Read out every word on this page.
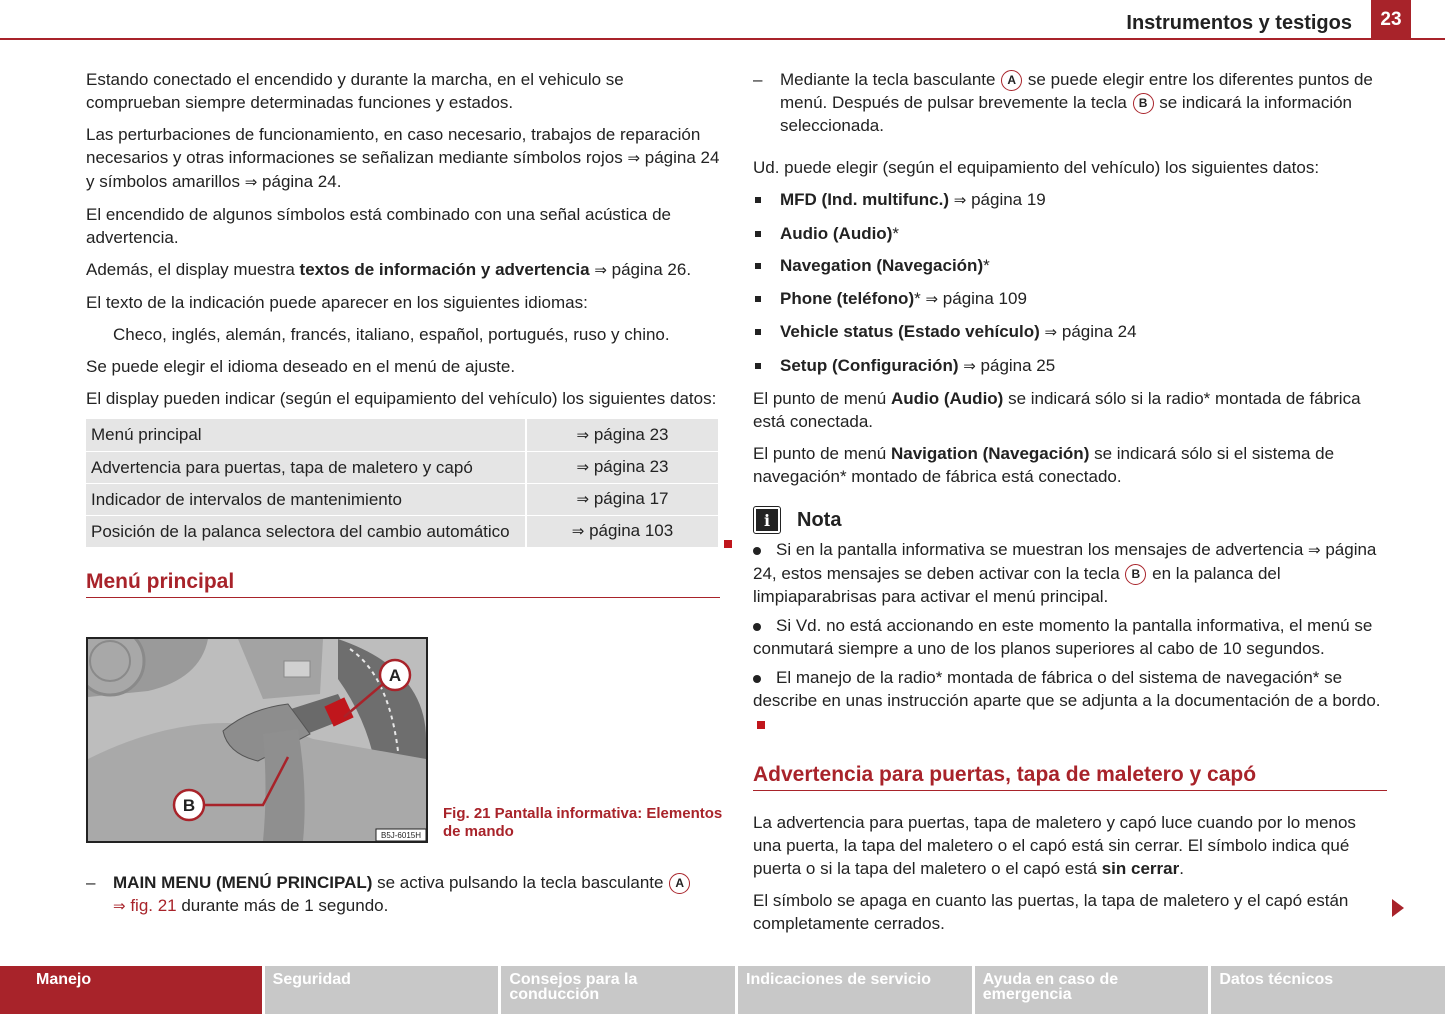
Instrumentos y testigos	23

Estando conectado el encendido y durante la marcha, en el vehiculo se comprueban siempre determinadas funciones y estados.

Las perturbaciones de funcionamiento, en caso necesario, trabajos de reparación necesarios y otras informaciones se señalizan mediante símbolos rojos ⇒ página 24 y símbolos amarillos ⇒ página 24.

El encendido de algunos símbolos está combinado con una señal acústica de advertencia.

Además, el display muestra textos de información y advertencia ⇒ página 26.

El texto de la indicación puede aparecer en los siguientes idiomas:

Checo, inglés, alemán, francés, italiano, español, portugués, ruso y chino.

Se puede elegir el idioma deseado en el menú de ajuste.

El display pueden indicar (según el equipamiento del vehículo) los siguientes datos:

Menú principal	⇒ página 23
Advertencia para puertas, tapa de maletero y capó	⇒ página 23
Indicador de intervalos de mantenimiento	⇒ página 17
Posición de la palanca selectora del cambio automático	⇒ página 103
Menú principal
A
B
B5J-6015H
Fig. 21 Pantalla informativa: Elementos de mando
– MAIN MENU (MENÚ PRINCIPAL) se activa pulsando la tecla basculante A
⇒ fig. 21 durante más de 1 segundo.
– Mediante la tecla basculante A se puede elegir entre los diferentes puntos de menú. Después de pulsar brevemente la tecla B se indicará la información seleccionada.

Ud. puede elegir (según el equipamiento del vehículo) los siguientes datos:

MFD (Ind. multifunc.) ⇒ página 19
Audio (Audio)*
Navegation (Navegación)*
Phone (teléfono)* ⇒ página 109
Vehicle status (Estado vehículo) ⇒ página 24
Setup (Configuración) ⇒ página 25

El punto de menú Audio (Audio) se indicará sólo si la radio* montada de fábrica está conectada.

El punto de menú Navigation (Navegación) se indicará sólo si el sistema de navegación* montado de fábrica está conectado.

i	Nota

Si en la pantalla informativa se muestran los mensajes de advertencia ⇒ página 24, estos mensajes se deben activar con la tecla B en la palanca del limpiaparabrisas para activar el menú principal.

Si Vd. no está accionando en este momento la pantalla informativa, el menú se conmutará siempre a uno de los planos superiores al cabo de 10 segundos.

El manejo de la radio* montada de fábrica o del sistema de navegación* se describe en unas instrucción aparte que se adjunta a la documentación de a bordo.

Advertencia para puertas, tapa de maletero y capó

La advertencia para puertas, tapa de maletero y capó luce cuando por lo menos una puerta, la tapa del maletero o el capó está sin cerrar. El símbolo indica qué puerta o si la tapa del maletero o el capó está sin cerrar.

El símbolo se apaga en cuanto las puertas, la tapa de maletero y el capó están completamente cerrados.

Manejo	Seguridad	Consejos para la conducción
Indicaciones de servicio	Ayuda en caso de emergencia
Datos técnicos
